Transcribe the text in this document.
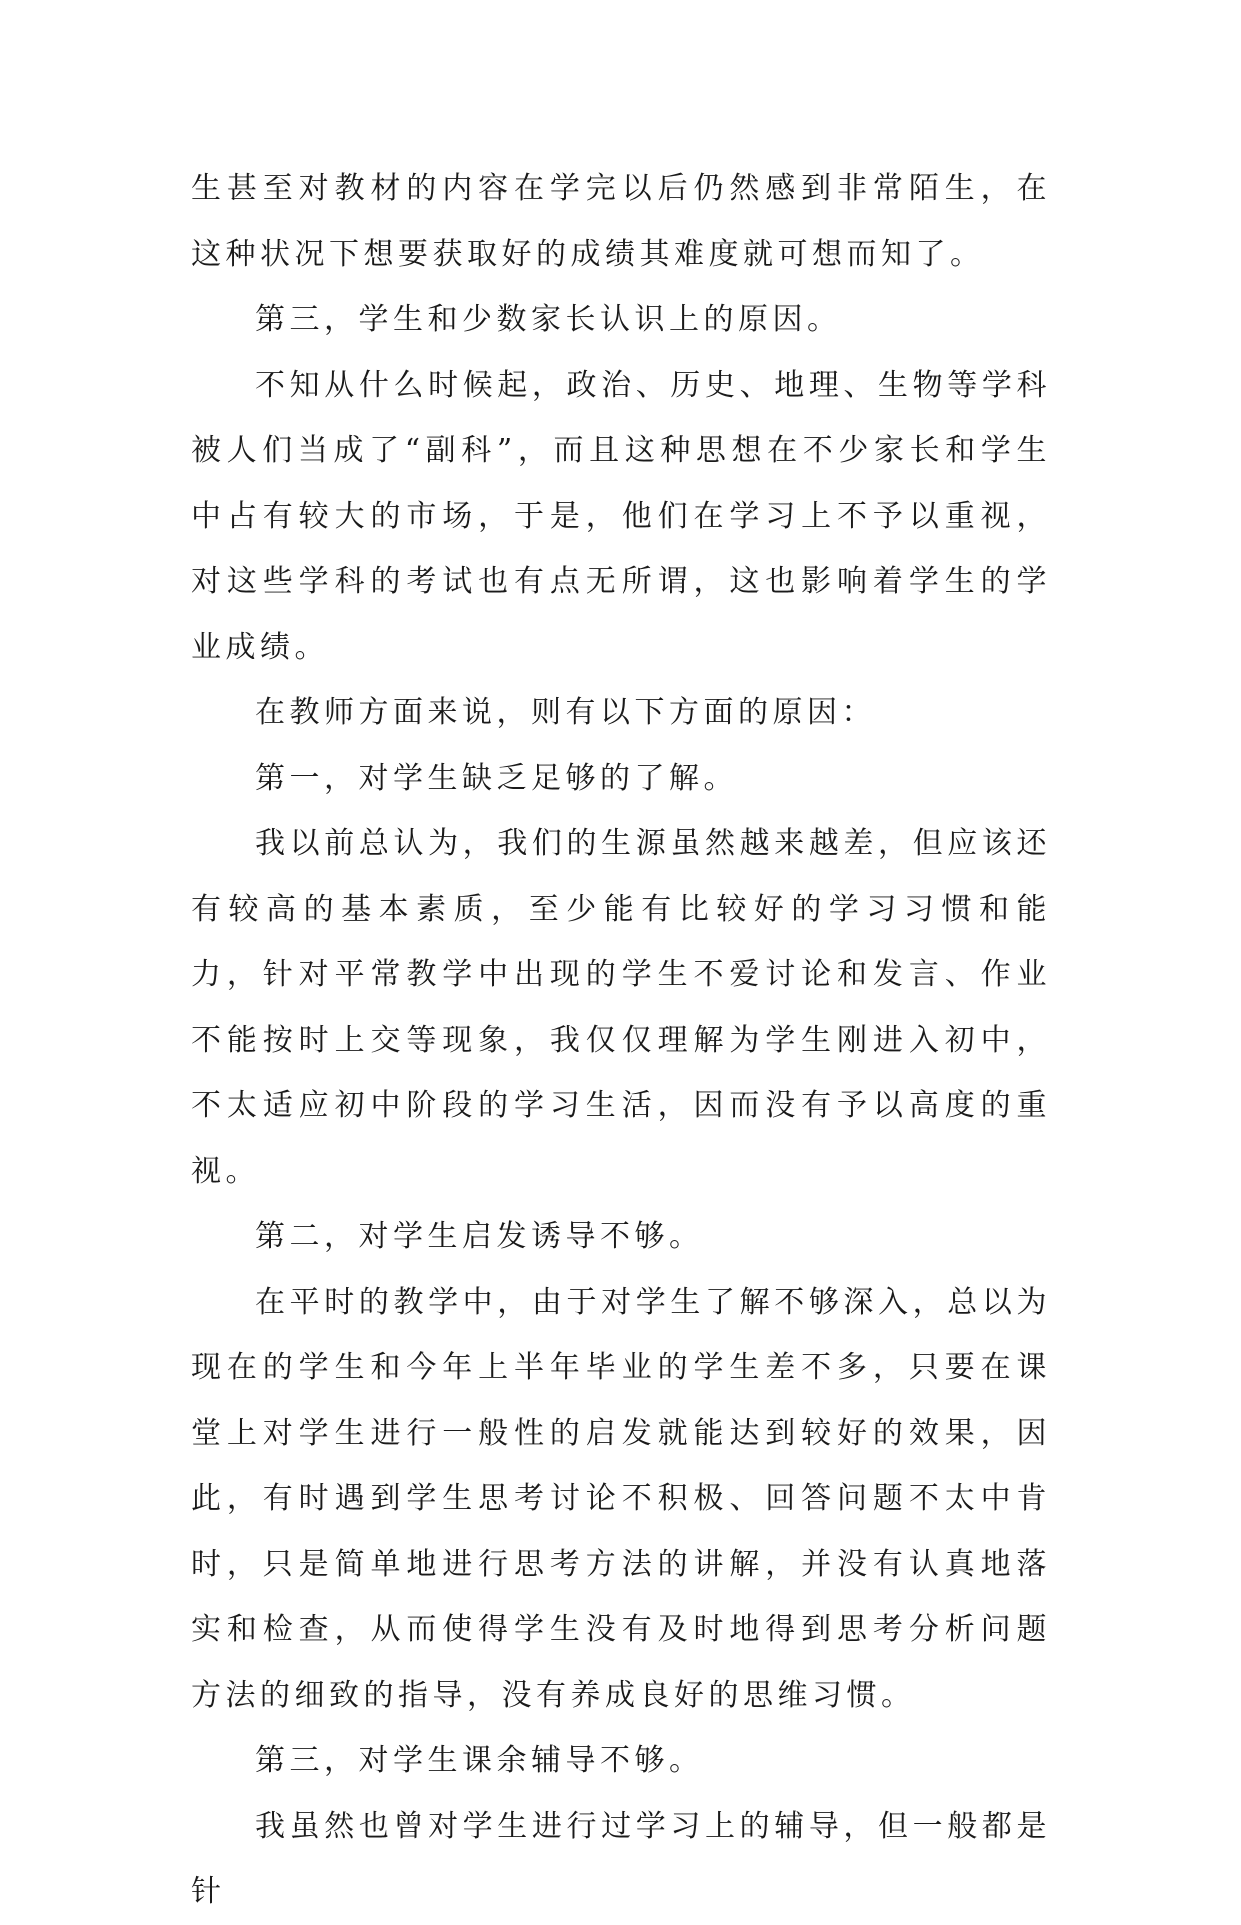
生甚至对教材的内容在学完以后仍然感到非常陌生，在这种状况下想要获取好的成绩其难度就可想而知了。

第三，学生和少数家长认识上的原因。

不知从什么时候起，政治、历史、地理、生物等学科被人们当成了“副科”，而且这种思想在不少家长和学生中占有较大的市场，于是，他们在学习上不予以重视，对这些学科的考试也有点无所谓，这也影响着学生的学业成绩。

在教师方面来说，则有以下方面的原因：

第一，对学生缺乏足够的了解。

我以前总认为，我们的生源虽然越来越差，但应该还有较高的基本素质，至少能有比较好的学习习惯和能力，针对平常教学中出现的学生不爱讨论和发言、作业不能按时上交等现象，我仅仅理解为学生刚进入初中，不太适应初中阶段的学习生活，因而没有予以高度的重视。

第二，对学生启发诱导不够。

在平时的教学中，由于对学生了解不够深入，总以为现在的学生和今年上半年毕业的学生差不多，只要在课堂上对学生进行一般性的启发就能达到较好的效果，因此，有时遇到学生思考讨论不积极、回答问题不太中肯时，只是简单地进行思考方法的讲解，并没有认真地落实和检查，从而使得学生没有及时地得到思考分析问题方法的细致的指导，没有养成良好的思维习惯。

第三，对学生课余辅导不够。

我虽然也曾对学生进行过学习上的辅导，但一般都是针
